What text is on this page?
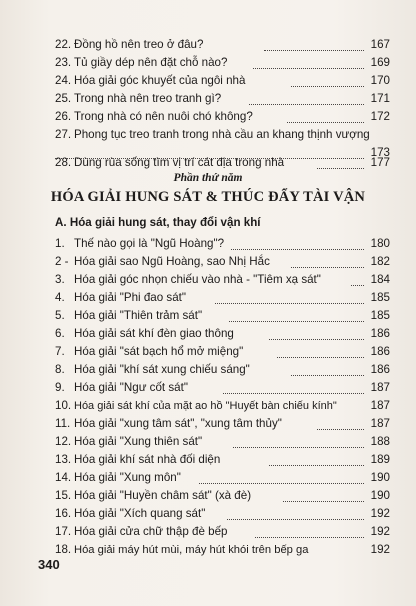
22. Đồng hồ nên treo ở đâu?	167
23. Tủ giầy dép nên đặt chỗ nào?	169
24. Hóa giải góc khuyết của ngôi nhà	170
25. Trong nhà nên treo tranh gì?	171
26. Trong nhà có nên nuôi chó không?	172
27. Phong tục treo tranh trong nhà cầu an khang thịnh vượng
173
28. Dùng rùa sống tìm vị trí cát địa trong nhà	177
Phần thứ năm
HÓA GIẢI HUNG SÁT & THÚC ĐẨY TÀI VẬN
A. Hóa giải hung sát, thay đổi vận khí
1. Thế nào gọi là "Ngũ Hoàng"?	180
2 - Hóa giải sao Ngũ Hoàng, sao Nhị Hắc	182
3. Hóa giải góc nhọn chiếu vào nhà - "Tiêm xạ sát"	184
4. Hóa giải "Phi đao sát"	185
5. Hóa giải "Thiên trảm sát"	185
6. Hóa giải sát khí đèn giao thông	186
7. Hóa giải "sát bạch hổ mở miệng"	186
8. Hóa giải "khí sát xung chiếu sáng"	186
9. Hóa giải "Ngư cốt sát"	187
10. Hóa giải sát khí của mặt ao hồ "Huyết bàn chiếu kính"	187
11. Hóa giải "xung tâm sát", "xung tâm thủy"	187
12. Hóa giải "Xung thiên sát"	188
13. Hóa giải khí sát nhà đối diện	189
14. Hóa giải "Xung môn"	190
15. Hóa giải "Huyền châm sát" (xà đè)	190
16. Hóa giải "Xích quang sát"	192
17. Hóa giải cửa chữ thập đè bếp	192
18. Hóa giải máy hút mùi, máy hút khói trên bếp ga	192
340
